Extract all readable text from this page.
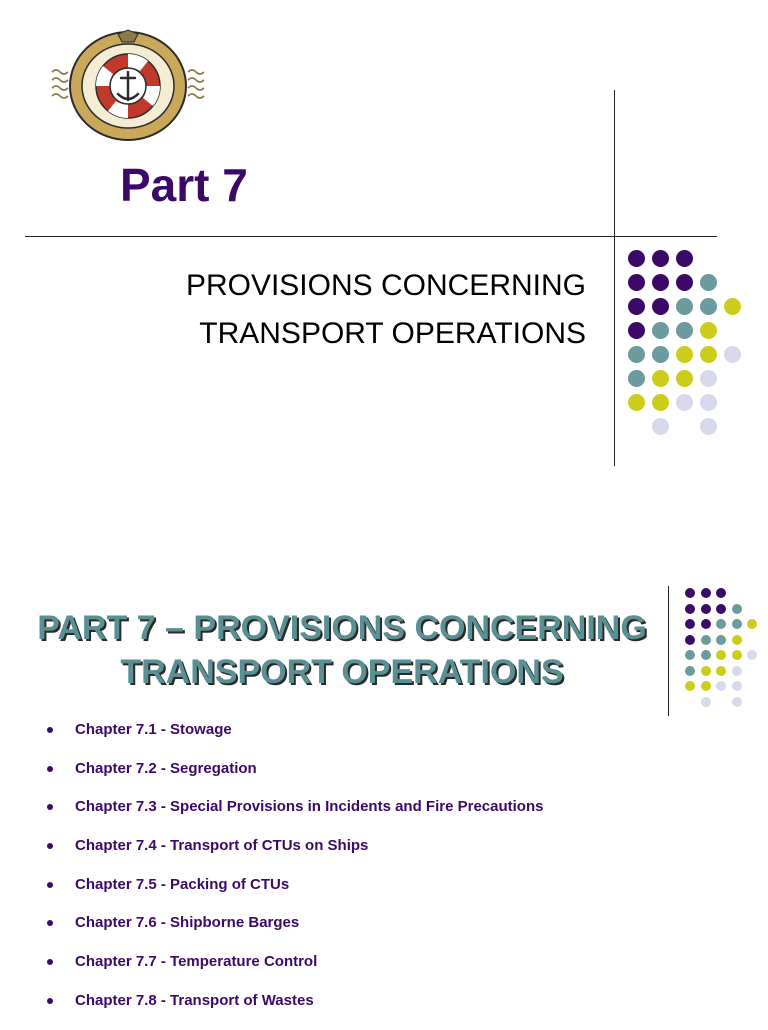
Part 7
PROVISIONS CONCERNING
TRANSPORT OPERATIONS
PART 7 – PROVISIONS CONCERNING
TRANSPORT OPERATIONS
Chapter 7.1 - Stowage
Chapter 7.2 - Segregation
Chapter 7.3 - Special Provisions in Incidents and Fire Precautions
Chapter 7.4 - Transport of CTUs on Ships
Chapter 7.5 - Packing of CTUs
Chapter 7.6 - Shipborne Barges
Chapter 7.7 - Temperature Control
Chapter 7.8 - Transport of Wastes
